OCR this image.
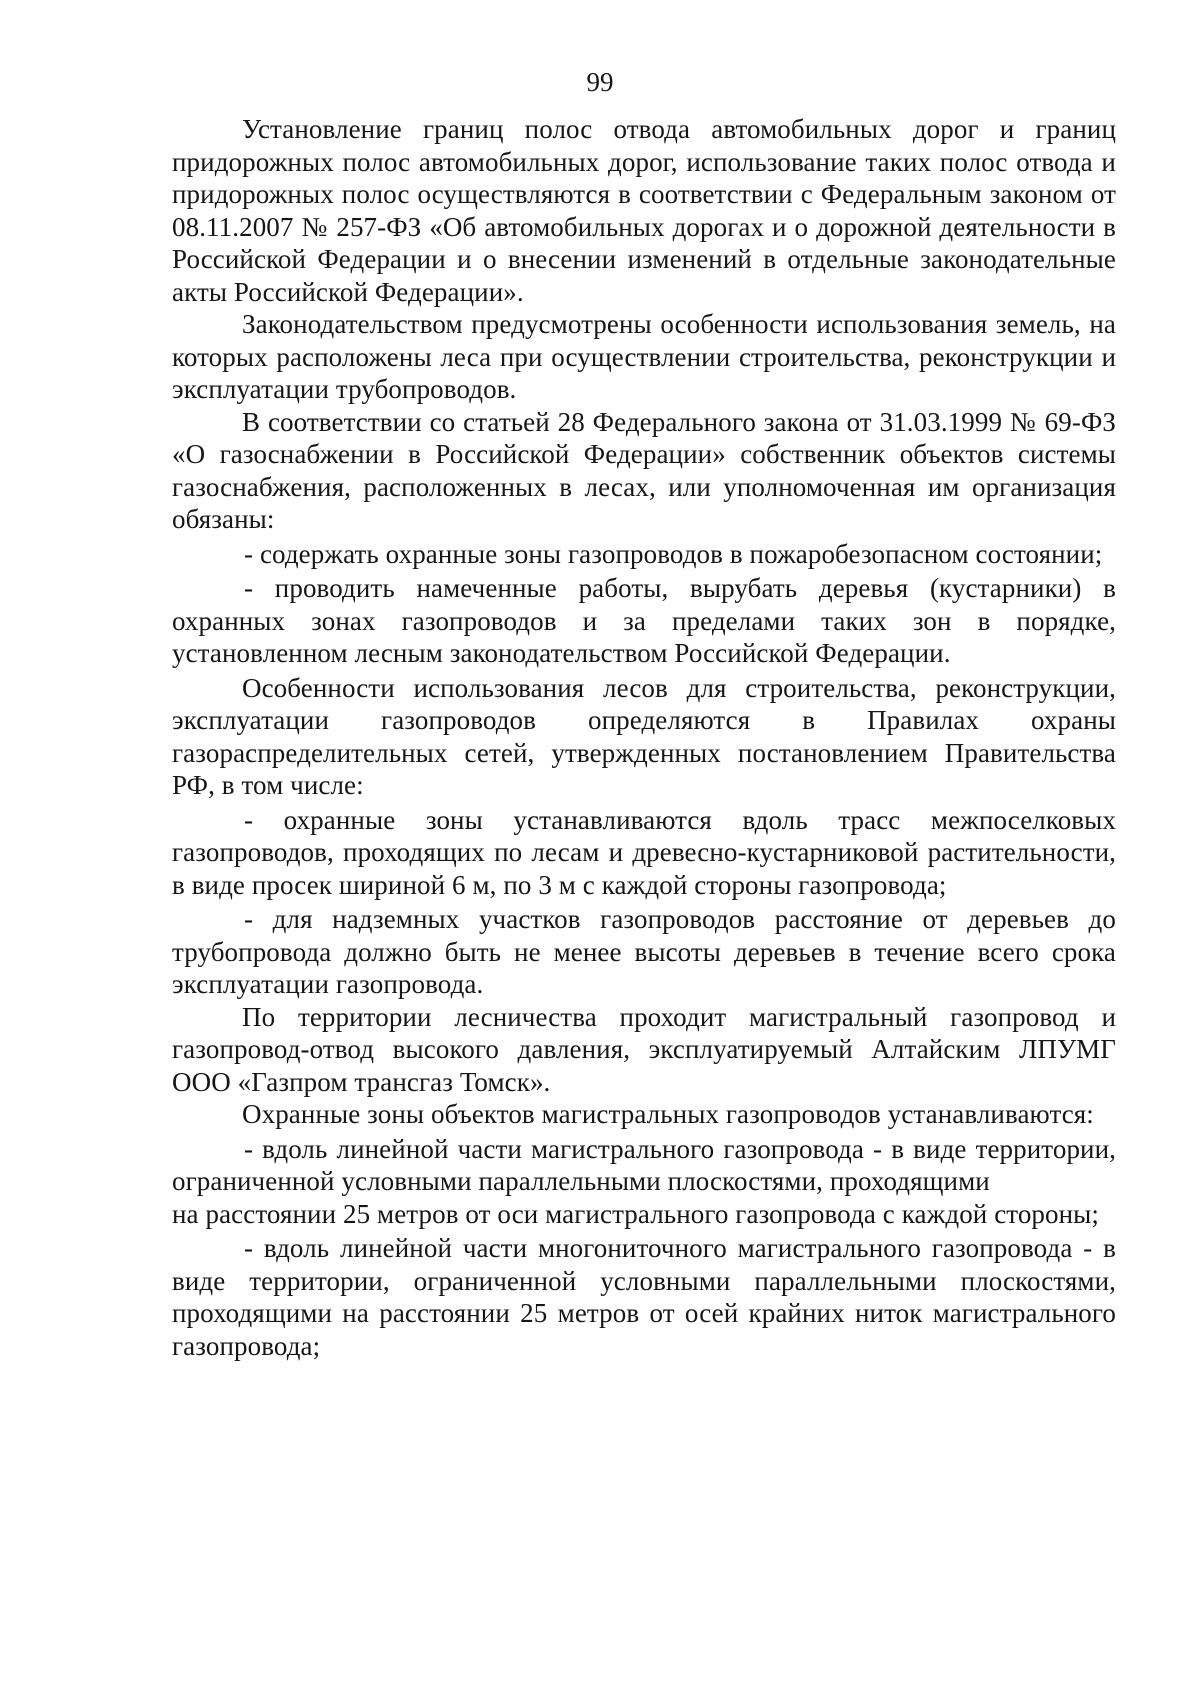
99

Установление границ полос отвода автомобильных дорог и границ придорожных полос автомобильных дорог, использование таких полос отвода и придорожных полос осуществляются в соответствии с Федеральным законом от 08.11.2007 № 257-ФЗ «Об автомобильных дорогах и о дорожной деятельности в Российской Федерации и о внесении изменений в отдельные законодательные акты Российской Федерации».

Законодательством предусмотрены особенности использования земель, на которых расположены леса при осуществлении строительства, реконструкции и эксплуатации трубопроводов.

В соответствии со статьей 28 Федерального закона от 31.03.1999 № 69-ФЗ «О газоснабжении в Российской Федерации» собственник объектов системы газоснабжения, расположенных в лесах, или уполномоченная им организация обязаны:

- содержать охранные зоны газопроводов в пожаробезопасном состоянии;

- проводить намеченные работы, вырубать деревья (кустарники) в охранных зонах газопроводов и за пределами таких зон в порядке, установленном лесным законодательством Российской Федерации.

Особенности использования лесов для строительства, реконструкции, эксплуатации газопроводов определяются в Правилах охраны газораспределительных сетей, утвержденных постановлением Правительства РФ, в том числе:

- охранные зоны устанавливаются вдоль трасс межпоселковых газопроводов, проходящих по лесам и древесно-кустарниковой растительности, в виде просек шириной 6 м, по 3 м с каждой стороны газопровода;

- для надземных участков газопроводов расстояние от деревьев до трубопровода должно быть не менее высоты деревьев в течение всего срока эксплуатации газопровода.

По территории лесничества проходит магистральный газопровод и газопровод-отвод высокого давления, эксплуатируемый Алтайским ЛПУМГ ООО «Газпром трансгаз Томск».

Охранные зоны объектов магистральных газопроводов устанавливаются:

- вдоль линейной части магистрального газопровода - в виде территории, ограниченной условными параллельными плоскостями, проходящими

на расстоянии 25 метров от оси магистрального газопровода с каждой стороны;

- вдоль линейной части многониточного магистрального газопровода - в виде территории, ограниченной условными параллельными плоскостями, проходящими на расстоянии 25 метров от осей крайних ниток магистрального газопровода;
